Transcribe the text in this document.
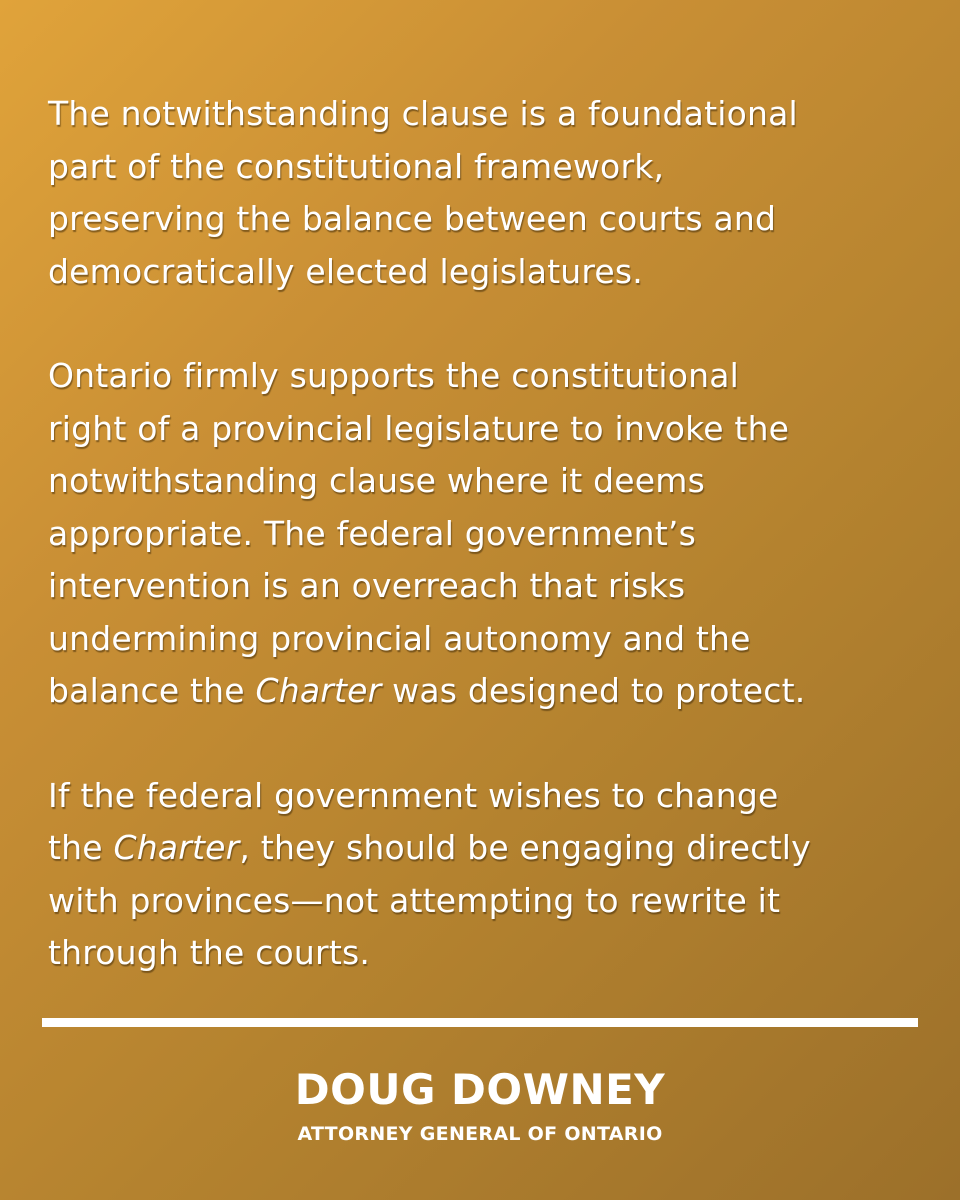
The notwithstanding clause is a foundational
part of the constitutional framework,
preserving the balance between courts and
democratically elected legislatures.

Ontario firmly supports the constitutional
right of a provincial legislature to invoke the
notwithstanding clause where it deems
appropriate. The federal government’s
intervention is an overreach that risks
undermining provincial autonomy and the
balance the Charter was designed to protect.

If the federal government wishes to change
the Charter, they should be engaging directly
with provinces—not attempting to rewrite it
through the courts.

DOUG DOWNEY
ATTORNEY GENERAL OF ONTARIO
